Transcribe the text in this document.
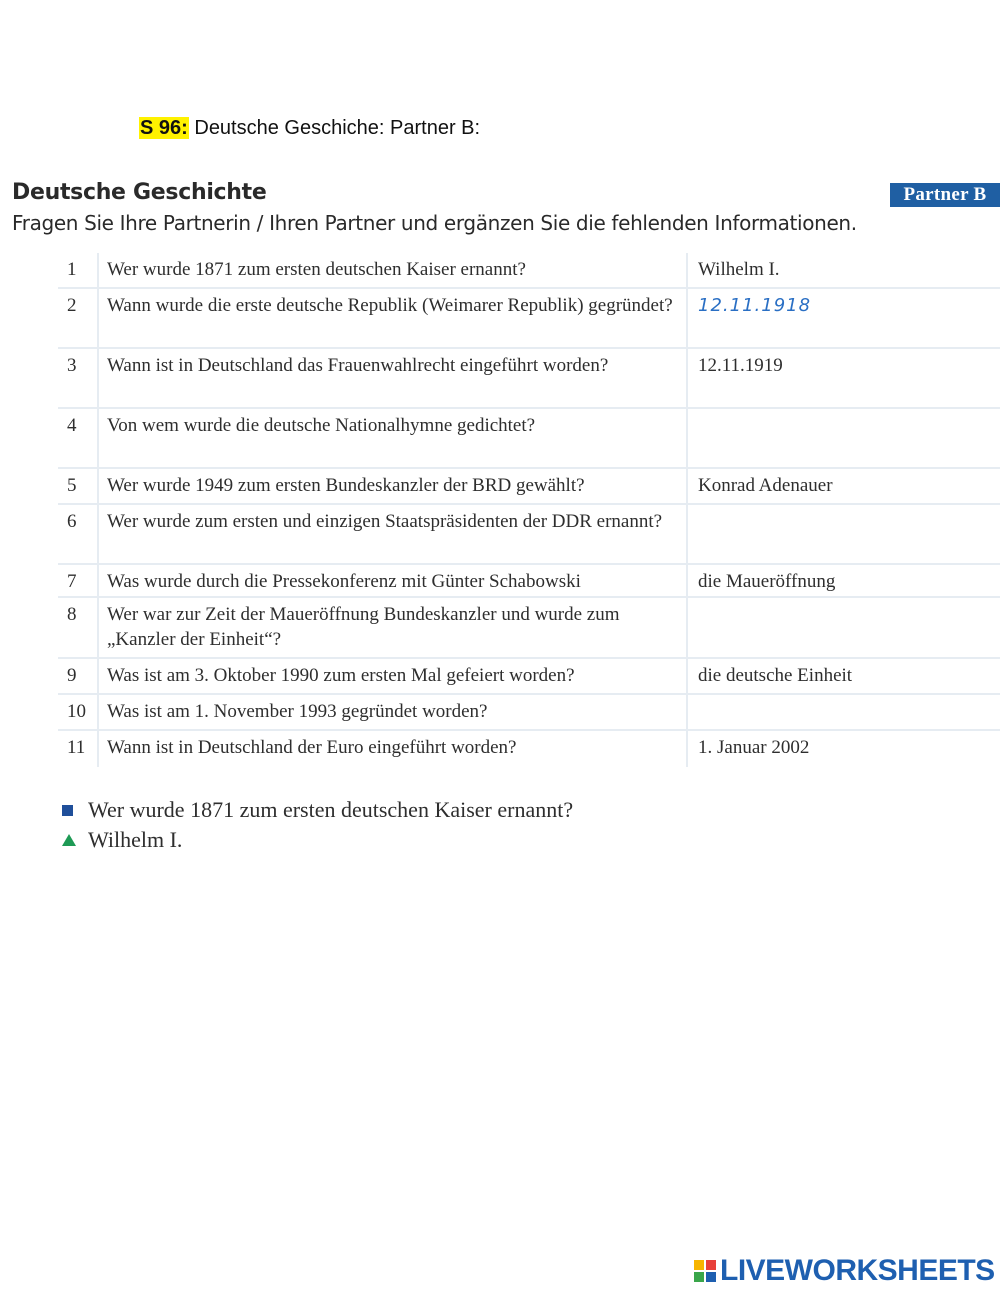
S 96: Deutsche Geschiche: Partner B:
Deutsche Geschichte	Partner B
Fragen Sie Ihre Partnerin / Ihren Partner und ergänzen Sie die fehlenden Informationen.
1	Wer wurde 1871 zum ersten deutschen Kaiser ernannt?	Wilhelm I.
2	Wann wurde die erste deutsche Republik (Weimarer Republik) gegründet?	12.11.1918
3	Wann ist in Deutschland das Frauenwahlrecht eingeführt worden?	12.11.1919
4	Von wem wurde die deutsche Nationalhymne gedichtet?
5	Wer wurde 1949 zum ersten Bundeskanzler der BRD gewählt?	Konrad Adenauer
6	Wer wurde zum ersten und einzigen Staatspräsidenten der DDR ernannt?
7	Was wurde durch die Pressekonferenz mit Günter Schabowski	die Maueröffnung
8	Wer war zur Zeit der Maueröffnung Bundeskanzler und wurde zum „Kanzler der Einheit“?
9	Was ist am 3. Oktober 1990 zum ersten Mal gefeiert worden?	die deutsche Einheit
10	Was ist am 1. November 1993 gegründet worden?
11	Wann ist in Deutschland der Euro eingeführt worden?	1. Januar 2002
Wer wurde 1871 zum ersten deutschen Kaiser ernannt?
Wilhelm I.
LIVEWORKSHEETS
